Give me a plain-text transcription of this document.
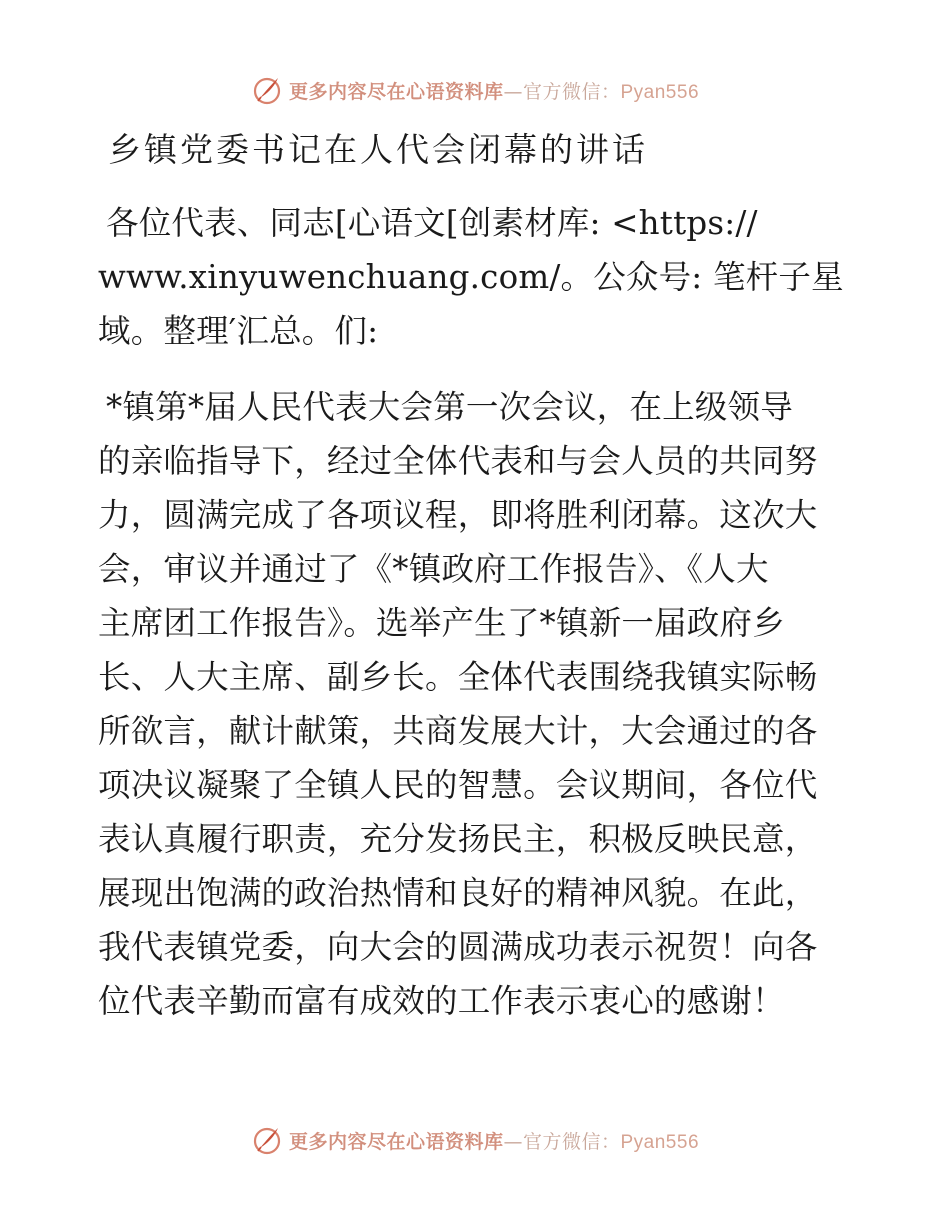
更多内容尽在心语资料库—官方微信：Pyan556
乡镇党委书记在人代会闭幕的讲话
各位代表、同志[心语文[创素材库: <https://
www.xinyuwenchuang.com/。公众号: 笔杆子星
域。整理′汇总。们:
*镇第*届人民代表大会第一次会议，在上级领导
的亲临指导下，经过全体代表和与会人员的共同努
力，圆满完成了各项议程，即将胜利闭幕。这次大
会，审议并通过了《*镇政府工作报告》、《人大
主席团工作报告》。选举产生了*镇新一届政府乡
长、人大主席、副乡长。全体代表围绕我镇实际畅
所欲言，献计献策，共商发展大计，大会通过的各
项决议凝聚了全镇人民的智慧。会议期间，各位代
表认真履行职责，充分发扬民主，积极反映民意，
展现出饱满的政治热情和良好的精神风貌。在此，
我代表镇党委，向大会的圆满成功表示祝贺！向各
位代表辛勤而富有成效的工作表示衷心的感谢！
更多内容尽在心语资料库—官方微信：Pyan556
